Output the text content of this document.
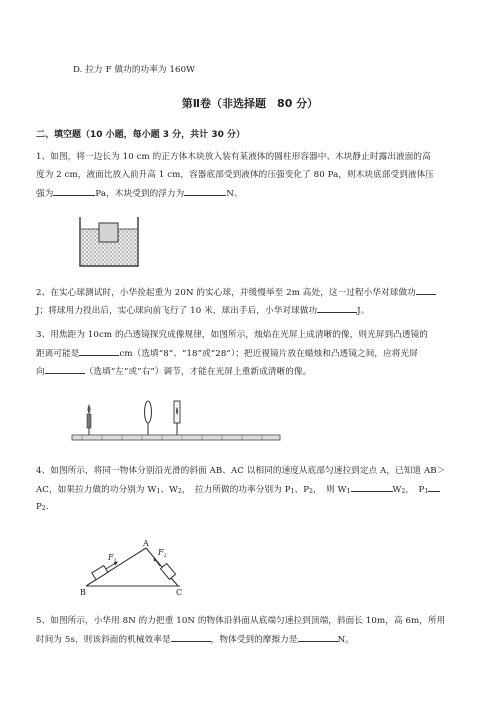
D. 拉力 F 做功的功率为 160W
第Ⅱ卷（非选择题　80 分）
二、填空题（10 小题，每小题 3 分，共计 30 分）
1、如图，将一边长为 10 cm 的正方体木块放入装有某液体的圆柱形容器中、木块静止时露出液面的高
度为 2 cm，液面比放入前升高 1 cm，容器底部受到液体的压强变化了 80 Pa，则木块底部受到液体压
强为	Pa，木块受到的浮力为	N。
2、在实心球测试时，小华捡起重为 20N 的实心球，并缓慢举至 2m 高处，这一过程小华对球做功
J；将球用力投出后，实心球向前飞行了 10 米，球出手后，小华对球做功	J。
3、用焦距为 10cm 的凸透镜探究成像规律，如图所示，烛焰在光屏上成清晰的像，则光屏到凸透镜的
距离可能是	cm（选填“8”、“18”或“28”）；把近视镜片放在蜡烛和凸透镜之间，应将光屏
向	（选填“左”或“右”）调节，才能在光屏上重新成清晰的像。
4、如图所示，将同一物体分别沿光滑的斜面 AB、AC 以相同的速度从底部匀速拉到定点 A，已知道 AB＞
AC，如果拉力做的功分别为 $W_1$、$W_2$，　拉力所做的功率分别为 $P_1$、$P_2$，　则 $W_1$	$W_2$，　$P_1$
$P_2$.
A
B	C
F 1
F 2
5、如图所示，小华用 8N 的力把重 10N 的物体沿斜面从底端匀速拉到顶端，斜面长 10m，高 6m，所用
时间为 5s，则该斜面的机械效率是	，物体受到的摩擦力是	N。
